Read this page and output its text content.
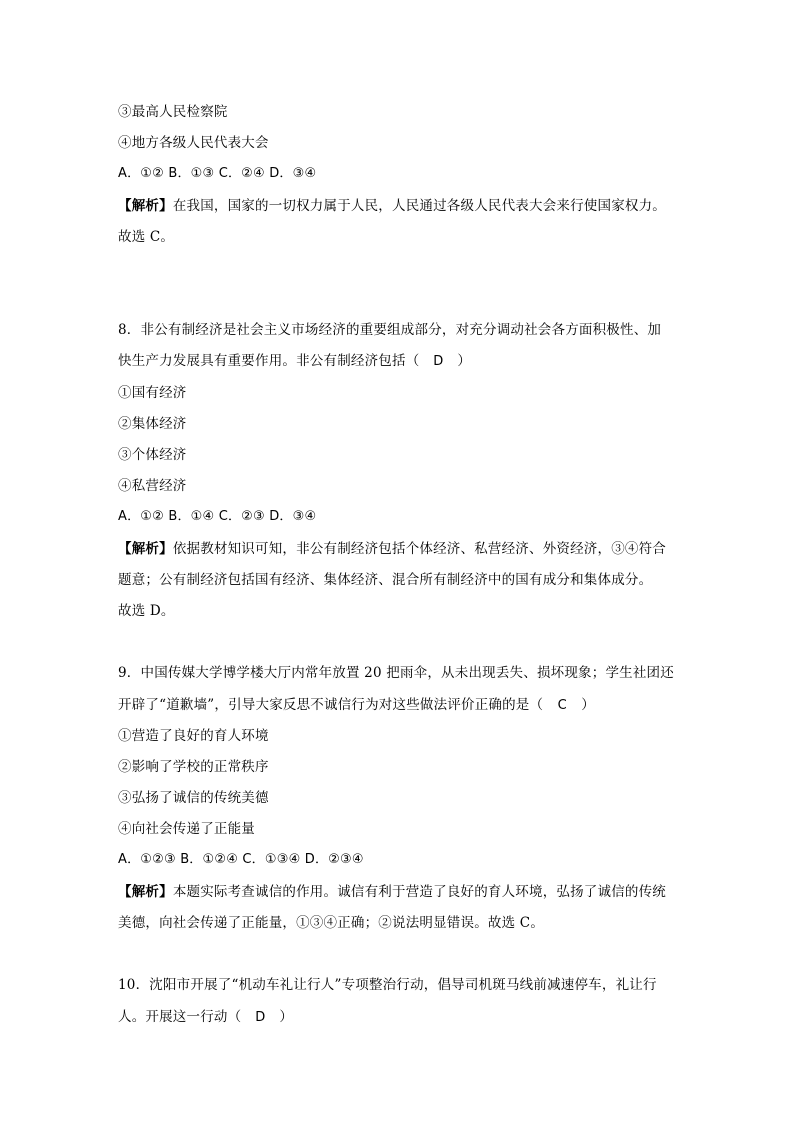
③最高人民检察院
④地方各级人民代表大会
A．①② B．①③ C．②④ D．③④
【解析】在我国，国家的一切权力属于人民，人民通过各级人民代表大会来行使国家权力。
故选 C。
8．非公有制经济是社会主义市场经济的重要组成部分，对充分调动社会各方面积极性、加
快生产力发展具有重要作用。非公有制经济包括（ D ）
①国有经济
②集体经济
③个体经济
④私营经济
A．①② B．①④ C．②③ D．③④
【解析】依据教材知识可知，非公有制经济包括个体经济、私营经济、外资经济，③④符合
题意；公有制经济包括国有经济、集体经济、混合所有制经济中的国有成分和集体成分。
故选 D。
9．中国传媒大学博学楼大厅内常年放置 20 把雨伞，从未出现丢失、损坏现象；学生社团还
开辟了“道歉墙”，引导大家反思不诚信行为对这些做法评价正确的是（ C ）
①营造了良好的育人环境
②影响了学校的正常秩序
③弘扬了诚信的传统美德
④向社会传递了正能量
A．①②③ B．①②④ C．①③④ D．②③④
【解析】本题实际考查诚信的作用。诚信有利于营造了良好的育人环境，弘扬了诚信的传统
美德，向社会传递了正能量，①③④正确；②说法明显错误。故选 C。
10．沈阳市开展了“机动车礼让行人”专项整治行动，倡导司机斑马线前减速停车，礼让行
人。开展这一行动（ D ）
